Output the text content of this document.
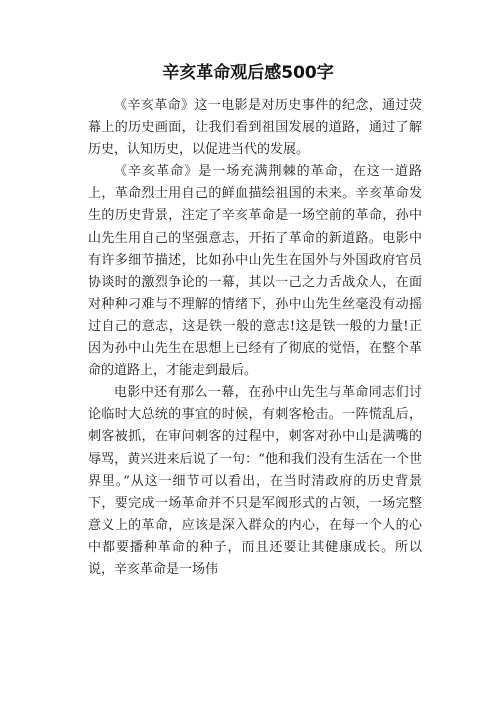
辛亥革命观后感500字

《辛亥革命》这一电影是对历史事件的纪念，通过荧幕上的历史画面，让我们看到祖国发展的道路，通过了解历史，认知历史，以促进当代的发展。

《辛亥革命》是一场充满荆棘的革命，在这一道路上，革命烈士用自己的鲜血描绘祖国的未来。辛亥革命发生的历史背景，注定了辛亥革命是一场空前的革命，孙中山先生用自己的坚强意志，开拓了革命的新道路。电影中有许多细节描述，比如孙中山先生在国外与外国政府官员协谈时的激烈争论的一幕，其以一己之力舌战众人，在面对种种刁难与不理解的情绪下，孙中山先生丝毫没有动摇过自己的意志，这是铁一般的意志!这是铁一般的力量!正因为孙中山先生在思想上已经有了彻底的觉悟，在整个革命的道路上，才能走到最后。

电影中还有那么一幕，在孙中山先生与革命同志们讨论临时大总统的事宜的时候，有刺客枪击。一阵慌乱后，刺客被抓，在审问刺客的过程中，刺客对孙中山是满嘴的辱骂，黄兴进来后说了一句：“他和我们没有生活在一个世界里。”从这一细节可以看出，在当时清政府的历史背景下，要完成一场革命并不只是军阀形式的占领，一场完整意义上的革命，应该是深入群众的内心，在每一个人的心中都要播种革命的种子，而且还要让其健康成长。所以说，辛亥革命是一场伟
